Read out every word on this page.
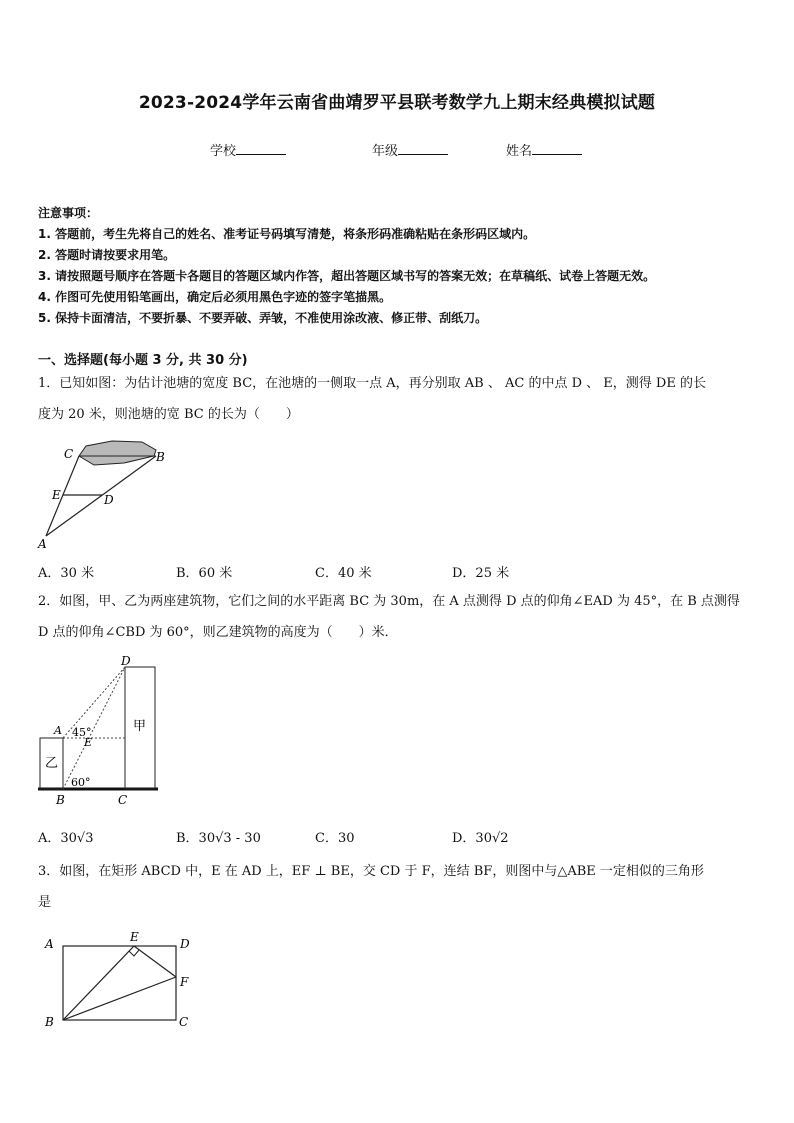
2023-2024学年云南省曲靖罗平县联考数学九上期末经典模拟试题
学校	年级	姓名
注意事项：
1. 答题前，考生先将自己的姓名、准考证号码填写清楚，将条形码准确粘贴在条形码区域内。
2. 答题时请按要求用笔。
3. 请按照题号顺序在答题卡各题目的答题区域内作答，超出答题区域书写的答案无效；在草稿纸、试卷上答题无效。
4. 作图可先使用铅笔画出，确定后必须用黑色字迹的签字笔描黑。
5. 保持卡面清洁，不要折暴、不要弄破、弄皱，不准使用涂改液、修正带、刮纸刀。
一、选择题(每小题 3 分, 共 30 分)
1．已知如图：为估计池塘的宽度 BC，在池塘的一侧取一点 A，再分别取 AB 、 AC 的中点 D 、 E，测得 DE 的长
度为 20 米，则池塘的宽 BC 的长为（　　）
C	B
E	D
A
A．30 米	B．60 米	C．40 米	D．25 米
2．如图，甲、乙为两座建筑物，它们之间的水平距离 BC 为 30m，在 A 点测得 D 点的仰角∠EAD 为 45°，在 B 点测得
D 点的仰角∠CBD 为 60°，则乙建筑物的高度为（　　）米．
D
A 45°
E
甲
乙
60°
B	C
A．30√3	B．30√3 - 30	C．30	D．30√2
3．如图，在矩形 ABCD 中，E 在 AD 上，EF ⊥ BE，交 CD 于 F，连结 BF，则图中与△ABE 一定相似的三角形
是
A	E	D
F
B	C
